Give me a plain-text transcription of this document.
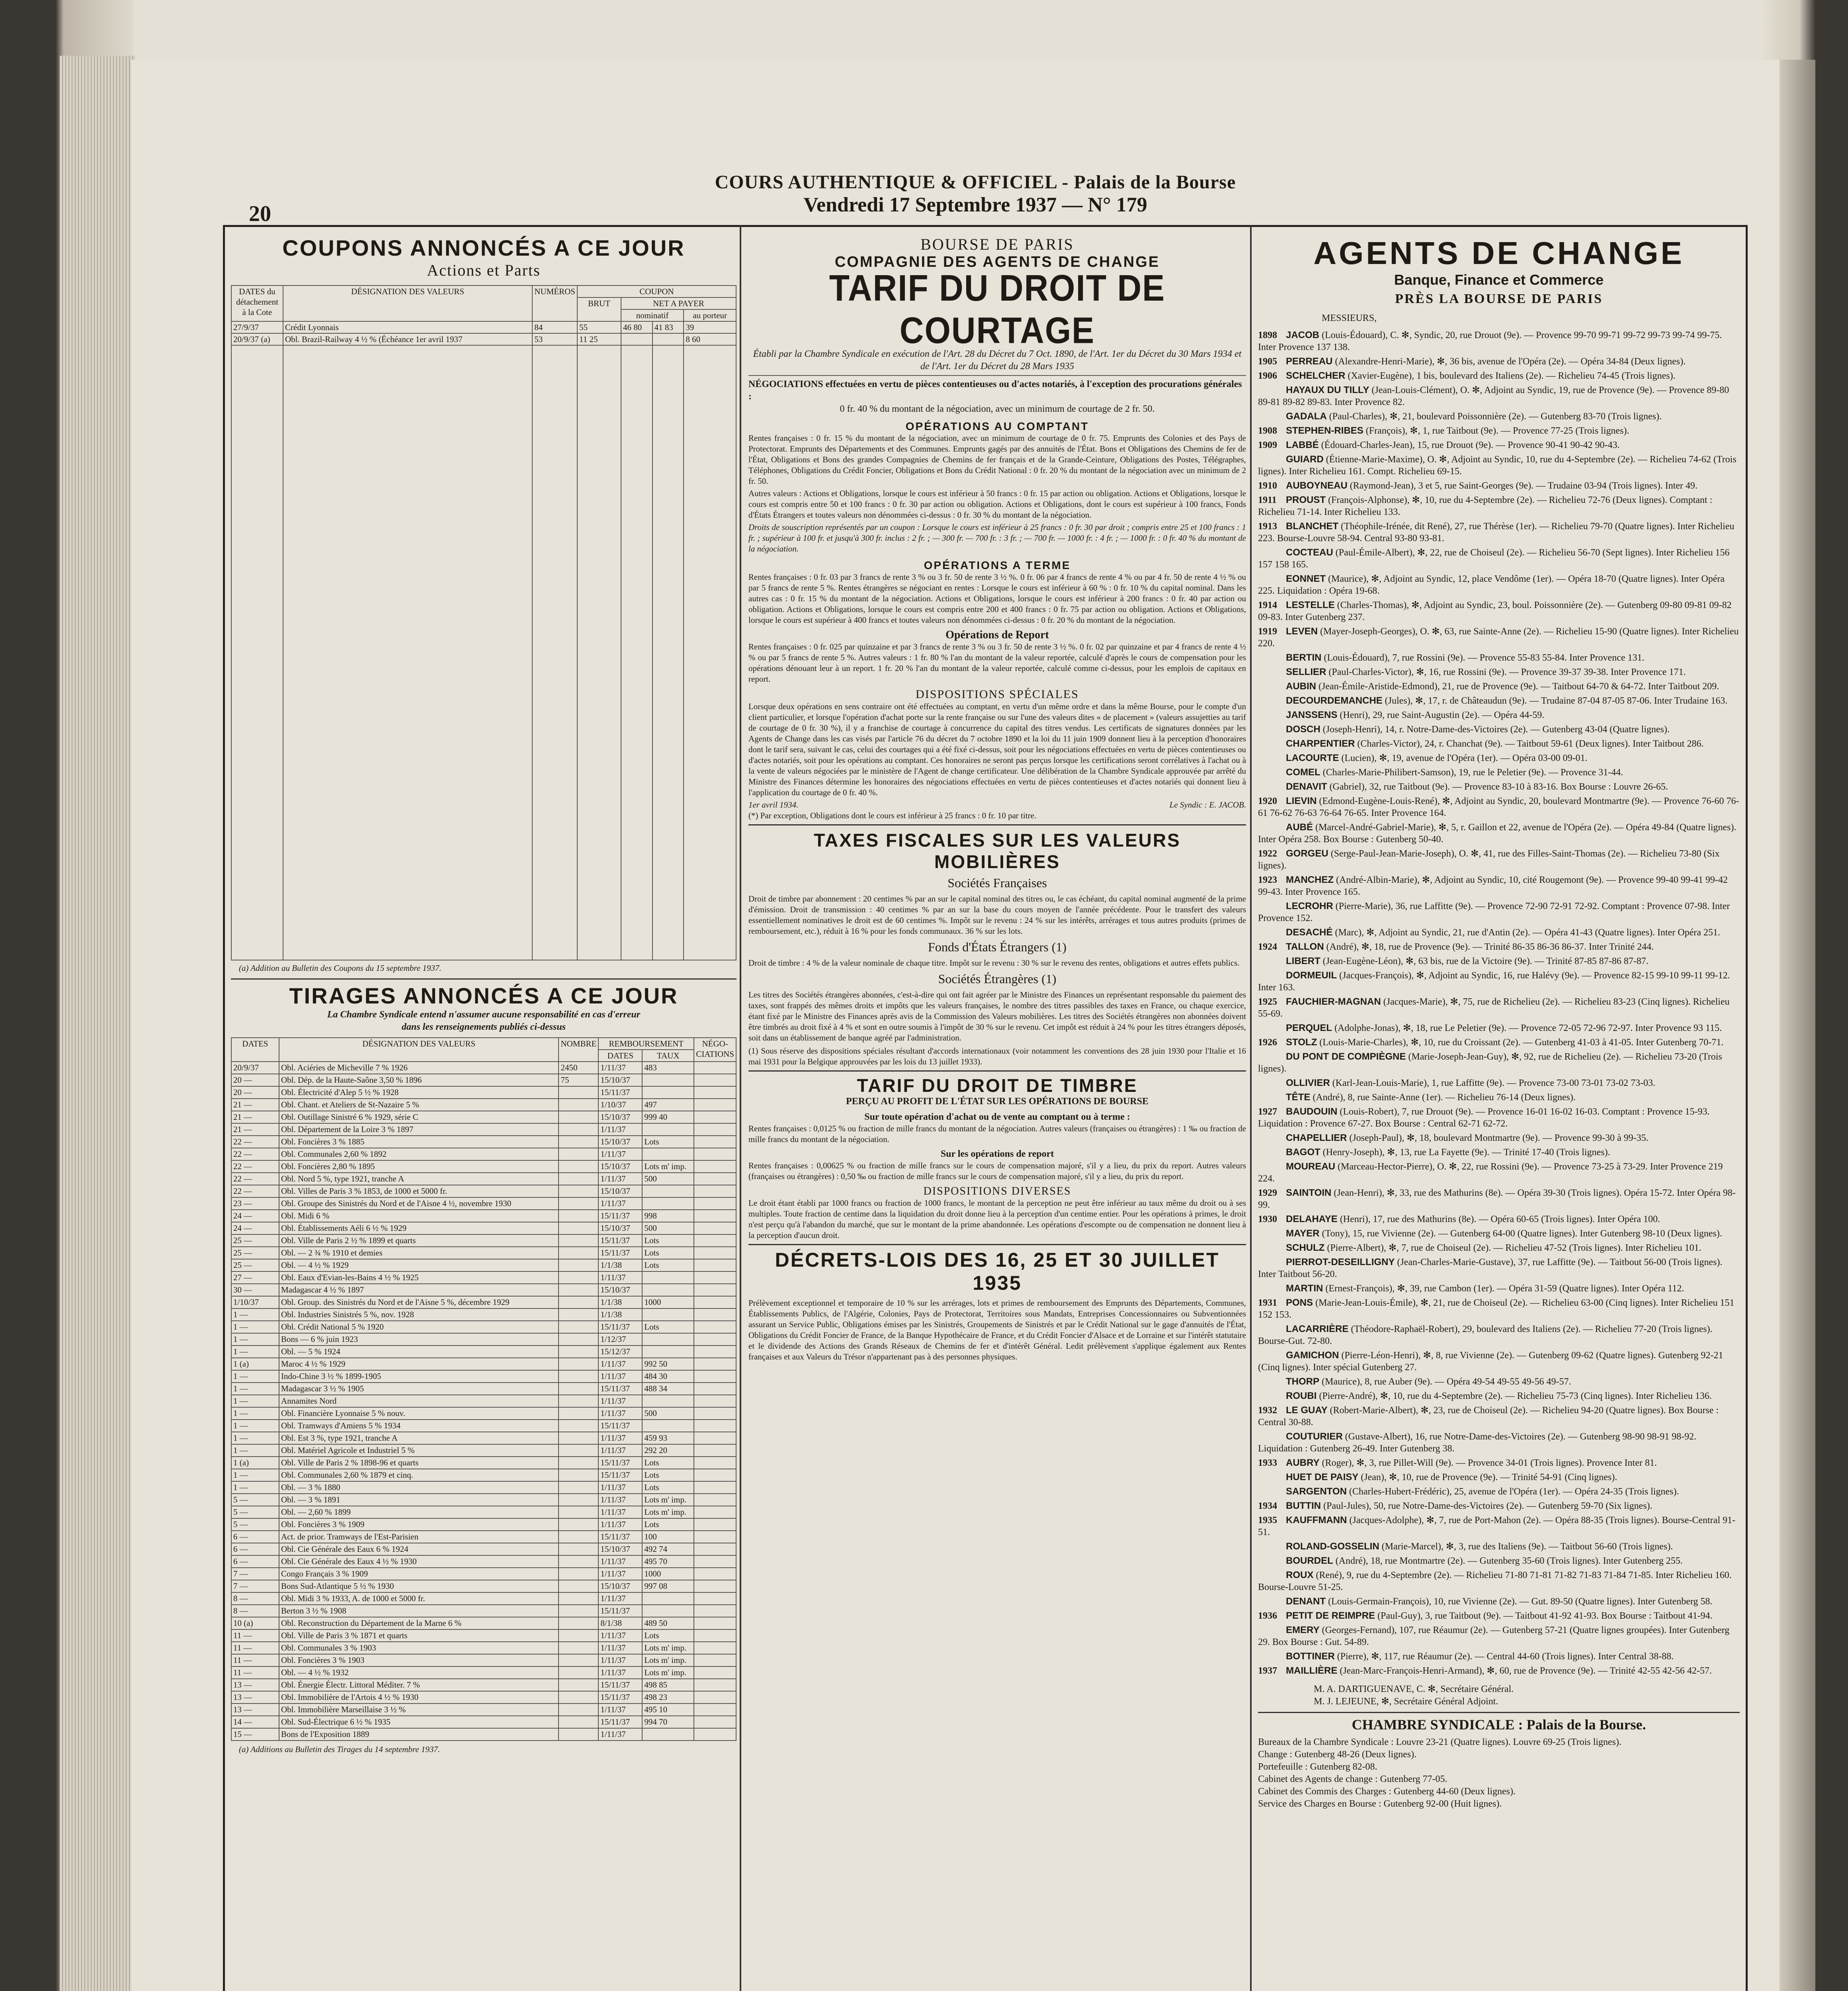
20
COURS AUTHENTIQUE & OFFICIEL - Palais de la Bourse
Vendredi 17 Septembre 1937 — N° 179
COUPONS ANNONCÉS A CE JOUR
Actions et Parts
DATES du détachement à la Cote	DÉSIGNATION DES VALEURS	NUMÉROS	COUPON			
			BRUT	NET A PAYER		
				nominatif		au porteur
27/9/37	Crédit Lyonnais	84	55	46 80	41 83	39
20/9/37 (a)	Obl. Brazil-Railway 4 ½ % (Échéance 1er avril 1937	53	11 25			8 60

(a) Addition au Bulletin des Coupons du 15 septembre 1937.
TIRAGES ANNONCÉS A CE JOUR
La Chambre Syndicale entend n'assumer aucune responsabilité en cas d'erreur
dans les renseignements publiés ci-dessus
DATES	DÉSIGNATION DES VALEURS	NOMBRE	REMBOURSEMENT		NÉGO-CIATIONS
			DATES	TAUX	
20/9/37	Obl. Aciéries de Micheville 7 % 1926	2450	1/11/37	483	
20 —	Obl. Dép. de la Haute-Saône 3,50 % 1896	75	15/10/37		
20 —	Obl. Électricité d'Alep 5 ½ % 1928		15/11/37		
21 —	Obl. Chant. et Ateliers de St-Nazaire 5 %		1/10/37	497	
21 —	Obl. Outillage Sinistré 6 % 1929, série C		15/10/37	999 40	
21 —	Obl. Département de la Loire 3 % 1897		1/11/37		
22 —	Obl. Foncières 3 % 1885		15/10/37	Lots	
22 —	Obl. Communales 2,60 % 1892		1/11/37		
22 —	Obl. Foncières 2,80 % 1895		15/10/37	Lots m' imp.	
22 —	Obl. Nord 5 %, type 1921, tranche A		1/11/37	500	
22 —	Obl. Villes de Paris 3 % 1853, de 1000 et 5000 fr.		15/10/37		
23 —	Obl. Groupe des Sinistrés du Nord et de l'Aisne 4 ½, novembre 1930		1/11/37		
24 —	Obl. Midi 6 %		15/11/37	998	
24 —	Obl. Établissements Aéli 6 ½ % 1929		15/10/37	500	
25 —	Obl. Ville de Paris 2 ½ % 1899 et quarts		15/11/37	Lots	
25 —	Obl. — 2 ¾ % 1910 et demies		15/11/37	Lots	
25 —	Obl. — 4 ½ % 1929		1/1/38	Lots	
27 —	Obl. Eaux d'Evian-les-Bains 4 ½ % 1925		1/11/37		
30 —	Madagascar 4 ½ % 1897		15/10/37		
1/10/37	Obl. Group. des Sinistrés du Nord et de l'Aisne 5 %, décembre 1929		1/1/38	1000	
1 —	Obl. Industries Sinistrés 5 %, nov. 1928		1/1/38		
1 —	Obl. Crédit National 5 % 1920		15/11/37	Lots	
1 —	Bons — 6 % juin 1923		1/12/37		
1 —	Obl. — 5 % 1924		15/12/37		
1 (a)	Maroc 4 ½ % 1929		1/11/37	992 50	
1 —	Indo-Chine 3 ½ % 1899-1905		1/11/37	484 30	
1 —	Madagascar 3 ½ % 1905		15/11/37	488 34	
1 —	Annamites Nord		1/11/37		
1 —	Obl. Financière Lyonnaise 5 % nouv.		1/11/37	500	
1 —	Obl. Tramways d'Amiens 5 % 1934		15/11/37		
1 —	Obl. Est 3 %, type 1921, tranche A		1/11/37	459 93	
1 —	Obl. Matériel Agricole et Industriel 5 %		1/11/37	292 20	
1 (a)	Obl. Ville de Paris 2 % 1898-96 et quarts		15/11/37	Lots	
1 —	Obl. Communales 2,60 % 1879 et cinq.		15/11/37	Lots	
1 —	Obl. — 3 % 1880		1/11/37	Lots	
5 —	Obl. — 3 % 1891		1/11/37	Lots m' imp.	
5 —	Obl. — 2,60 % 1899		1/11/37	Lots m' imp.	
5 —	Obl. Foncières 3 % 1909		1/11/37	Lots	
6 —	Act. de prior. Tramways de l'Est-Parisien		15/11/37	100	
6 —	Obl. Cie Générale des Eaux 6 % 1924		15/10/37	492 74	
6 —	Obl. Cie Générale des Eaux 4 ½ % 1930		1/11/37	495 70	
7 —	Congo Français 3 % 1909		1/11/37	1000	
7 —	Bons Sud-Atlantique 5 ½ % 1930		15/10/37	997 08	
8 —	Obl. Midi 3 % 1933, A. de 1000 et 5000 fr.		1/11/37		
8 —	Berton 3 ½ % 1908		15/11/37		
10 (a)	Obl. Reconstruction du Département de la Marne 6 %		8/1/38	489 50	
11 —	Obl. Ville de Paris 3 % 1871 et quarts		1/11/37	Lots	
11 —	Obl. Communales 3 % 1903		1/11/37	Lots m' imp.	
11 —	Obl. Foncières 3 % 1903		1/11/37	Lots m' imp.	
11 —	Obl. — 4 ½ % 1932		1/11/37	Lots m' imp.	
13 —	Obl. Énergie Électr. Littoral Méditer. 7 %		15/11/37	498 85	
13 —	Obl. Immobilière de l'Artois 4 ½ % 1930		15/11/37	498 23	
13 —	Obl. Immobilière Marseillaise 3 ½ %		1/11/37	495 10	
14 —	Obl. Sud-Électrique 6 ½ % 1935		15/11/37	994 70	
15 —	Bons de l'Exposition 1889		1/11/37		
(a) Additions au Bulletin des Tirages du 14 septembre 1937.
BOURSE DE PARIS
COMPAGNIE DES AGENTS DE CHANGE
TARIF DU DROIT DE COURTAGE
Établi par la Chambre Syndicale en exécution de l'Art. 28 du Décret du 7 Oct. 1890, de l'Art. 1er du Décret du 30 Mars 1934 et de l'Art. 1er du Décret du 28 Mars 1935
NÉGOCIATIONS effectuées en vertu de pièces contentieuses ou d'actes notariés, à l'exception des procurations générales :
0 fr. 40 % du montant de la négociation, avec un minimum de courtage de 2 fr. 50.
OPÉRATIONS AU COMPTANT
Rentes françaises : 0 fr. 15 % du montant de la négociation, avec un minimum de courtage de 0 fr. 75. Emprunts des Colonies et des Pays de Protectorat. Emprunts des Départements et des Communes. Emprunts gagés par des annuités de l'État. Bons et Obligations des Chemins de fer de l'État, Obligations et Bons des grandes Compagnies de Chemins de fer français et de la Grande-Ceinture, Obligations des Postes, Télégraphes, Téléphones, Obligations du Crédit Foncier, Obligations et Bons du Crédit National : 0 fr. 20 % du montant de la négociation avec un minimum de 2 fr. 50.
Autres valeurs : Actions et Obligations, lorsque le cours est inférieur à 50 francs : 0 fr. 15 par action ou obligation. Actions et Obligations, lorsque le cours est compris entre 50 et 100 francs : 0 fr. 30 par action ou obligation. Actions et Obligations, dont le cours est supérieur à 100 francs, Fonds d'États Étrangers et toutes valeurs non dénommées ci-dessus : 0 fr. 30 % du montant de la négociation.
Droits de souscription représentés par un coupon : Lorsque le cours est inférieur à 25 francs : 0 fr. 30 par droit ; compris entre 25 et 100 francs : 1 fr. ; supérieur à 100 fr. et jusqu'à 300 fr. inclus : 2 fr. ; — 300 fr. — 700 fr. : 3 fr. ; — 700 fr. — 1000 fr. : 4 fr. ; — 1000 fr. : 0 fr. 40 % du montant de la négociation.
OPÉRATIONS A TERME
Rentes françaises : 0 fr. 03 par 3 francs de rente 3 % ou 3 fr. 50 de rente 3 ½ %. 0 fr. 06 par 4 francs de rente 4 % ou par 4 fr. 50 de rente 4 ½ % ou par 5 francs de rente 5 %. Rentes étrangères se négociant en rentes : Lorsque le cours est inférieur à 60 % : 0 fr. 10 % du capital nominal. Dans les autres cas : 0 fr. 15 % du montant de la négociation. Actions et Obligations, lorsque le cours est inférieur à 200 francs : 0 fr. 40 par action ou obligation. Actions et Obligations, lorsque le cours est compris entre 200 et 400 francs : 0 fr. 75 par action ou obligation. Actions et Obligations, lorsque le cours est supérieur à 400 francs et toutes valeurs non dénommées ci-dessus : 0 fr. 20 % du montant de la négociation.
Opérations de Report
Rentes françaises : 0 fr. 025 par quinzaine et par 3 francs de rente 3 % ou 3 fr. 50 de rente 3 ½ %. 0 fr. 02 par quinzaine et par 4 francs de rente 4 ½ % ou par 5 francs de rente 5 %. Autres valeurs : 1 fr. 80 % l'an du montant de la valeur reportée, calculé d'après le cours de compensation pour les opérations dénouant leur à un report. 1 fr. 20 % l'an du montant de la valeur reportée, calculé comme ci-dessus, pour les emplois de capitaux en report.
DISPOSITIONS SPÉCIALES
Lorsque deux opérations en sens contraire ont été effectuées au comptant, en vertu d'un même ordre et dans la même Bourse, pour le compte d'un client particulier, et lorsque l'opération d'achat porte sur la rente française ou sur l'une des valeurs dites « de placement » (valeurs assujetties au tarif de courtage de 0 fr. 30 %), il y a franchise de courtage à concurrence du capital des titres vendus. Les certificats de signatures données par les Agents de Change dans les cas visés par l'article 76 du décret du 7 octobre 1890 et la loi du 11 juin 1909 donnent lieu à la perception d'honoraires dont le tarif sera, suivant le cas, celui des courtages qui a été fixé ci-dessus, soit pour les négociations effectuées en vertu de pièces contentieuses ou d'actes notariés, soit pour les opérations au comptant. Ces honoraires ne seront pas perçus lorsque les certifications seront corrélatives à l'achat ou à la vente de valeurs négociées par le ministère de l'Agent de change certificateur. Une délibération de la Chambre Syndicale approuvée par arrêté du Ministre des Finances détermine les honoraires des négociations effectuées en vertu de pièces contentieuses et d'actes notariés qui donnent lieu à l'application du courtage de 0 fr. 40 %.
1er avril 1934.	Le Syndic : E. JACOB.
(*) Par exception, Obligations dont le cours est inférieur à 25 francs : 0 fr. 10 par titre.
TAXES FISCALES SUR LES VALEURS MOBILIÈRES
Sociétés Françaises
Droit de timbre par abonnement : 20 centimes % par an sur le capital nominal des titres ou, le cas échéant, du capital nominal augmenté de la prime d'émission. Droit de transmission : 40 centimes % par an sur la base du cours moyen de l'année précédente. Pour le transfert des valeurs essentiellement nominatives le droit est de 60 centimes %. Impôt sur le revenu : 24 % sur les intérêts, arrérages et tous autres produits (primes de remboursement, etc.), réduit à 16 % pour les fonds communaux. 36 % sur les lots.
Fonds d'États Étrangers (1)
Droit de timbre : 4 % de la valeur nominale de chaque titre. Impôt sur le revenu : 30 % sur le revenu des rentes, obligations et autres effets publics.
Sociétés Étrangères (1)
Les titres des Sociétés étrangères abonnées, c'est-à-dire qui ont fait agréer par le Ministre des Finances un représentant responsable du paiement des taxes, sont frappés des mêmes droits et impôts que les valeurs françaises, le nombre des titres passibles des taxes en France, ou chaque exercice, étant fixé par le Ministre des Finances après avis de la Commission des Valeurs mobilières. Les titres des Sociétés étrangères non abonnées doivent être timbrés au droit fixé à 4 % et sont en outre soumis à l'impôt de 30 % sur le revenu. Cet impôt est réduit à 24 % pour les titres étrangers déposés, soit dans un établissement de banque agréé par l'administration.
(1) Sous réserve des dispositions spéciales résultant d'accords internationaux (voir notamment les conventions des 28 juin 1930 pour l'Italie et 16 mai 1931 pour la Belgique approuvées par les lois du 13 juillet 1933).
TARIF DU DROIT DE TIMBRE
PERÇU AU PROFIT DE L'ÉTAT SUR LES OPÉRATIONS DE BOURSE
Sur toute opération d'achat ou de vente au comptant ou à terme :
Rentes françaises : 0,0125 % ou fraction de mille francs du montant de la négociation. Autres valeurs (françaises ou étrangères) : 1 ‰ ou fraction de mille francs du montant de la négociation.
Sur les opérations de report
Rentes françaises : 0,00625 % ou fraction de mille francs sur le cours de compensation majoré, s'il y a lieu, du prix du report. Autres valeurs (françaises ou étrangères) : 0,50 ‰ ou fraction de mille francs sur le cours de compensation majoré, s'il y a lieu, du prix du report.
DISPOSITIONS DIVERSES
Le droit étant établi par 1000 francs ou fraction de 1000 francs, le montant de la perception ne peut être inférieur au taux même du droit ou à ses multiples. Toute fraction de centime dans la liquidation du droit donne lieu à la perception d'un centime entier. Pour les opérations à primes, le droit n'est perçu qu'à l'abandon du marché, que sur le montant de la prime abandonnée. Les opérations d'escompte ou de compensation ne donnent lieu à la perception d'aucun droit.
DÉCRETS-LOIS DES 16, 25 ET 30 JUILLET 1935
Prélèvement exceptionnel et temporaire de 10 % sur les arrérages, lots et primes de remboursement des Emprunts des Départements, Communes, Établissements Publics, de l'Algérie, Colonies, Pays de Protectorat, Territoires sous Mandats, Entreprises Concessionnaires ou Subventionnées assurant un Service Public, Obligations émises par les Sinistrés, Groupements de Sinistrés et par le Crédit National sur le gage d'annuités de l'État, Obligations du Crédit Foncier de France, de la Banque Hypothécaire de France, et du Crédit Foncier d'Alsace et de Lorraine et sur l'intérêt statutaire et le dividende des Actions des Grands Réseaux de Chemins de fer et d'intérêt Général. Ledit prélèvement s'applique également aux Rentes françaises et aux Valeurs du Trésor n'appartenant pas à des personnes physiques.
AGENTS DE CHANGE
Banque, Finance et Commerce
PRÈS LA BOURSE DE PARIS
MESSIEURS,
1898 JACOB (Louis-Édouard), C. ✻, Syndic, 20, rue Drouot (9e). — Provence 99-70 99-71 99-72 99-73 99-74 99-75. Inter Provence 137 138.
1905 PERREAU (Alexandre-Henri-Marie), ✻, 36 bis, avenue de l'Opéra (2e). — Opéra 34-84 (Deux lignes).
1906 SCHELCHER (Xavier-Eugène), 1 bis, boulevard des Italiens (2e). — Richelieu 74-45 (Trois lignes).
HAYAUX DU TILLY (Jean-Louis-Clément), O. ✻, Adjoint au Syndic, 19, rue de Provence (9e). — Provence 89-80 89-81 89-82 89-83. Inter Provence 82.
GADALA (Paul-Charles), ✻, 21, boulevard Poissonnière (2e). — Gutenberg 83-70 (Trois lignes).
1908 STEPHEN-RIBES (François), ✻, 1, rue Taitbout (9e). — Provence 77-25 (Trois lignes).
1909 LABBÉ (Édouard-Charles-Jean), 15, rue Drouot (9e). — Provence 90-41 90-42 90-43.
GUIARD (Étienne-Marie-Maxime), O. ✻, Adjoint au Syndic, 10, rue du 4-Septembre (2e). — Richelieu 74-62 (Trois lignes). Inter Richelieu 161. Compt. Richelieu 69-15.
1910 AUBOYNEAU (Raymond-Jean), 3 et 5, rue Saint-Georges (9e). — Trudaine 03-94 (Trois lignes). Inter 49.
1911 PROUST (François-Alphonse), ✻, 10, rue du 4-Septembre (2e). — Richelieu 72-76 (Deux lignes). Comptant : Richelieu 71-14. Inter Richelieu 133.
1913 BLANCHET (Théophile-Irénée, dit René), 27, rue Thérèse (1er). — Richelieu 79-70 (Quatre lignes). Inter Richelieu 223. Bourse-Louvre 58-94. Central 93-80 93-81.
COCTEAU (Paul-Émile-Albert), ✻, 22, rue de Choiseul (2e). — Richelieu 56-70 (Sept lignes). Inter Richelieu 156 157 158 165.
EONNET (Maurice), ✻, Adjoint au Syndic, 12, place Vendôme (1er). — Opéra 18-70 (Quatre lignes). Inter Opéra 225. Liquidation : Opéra 19-68.
1914 LESTELLE (Charles-Thomas), ✻, Adjoint au Syndic, 23, boul. Poissonnière (2e). — Gutenberg 09-80 09-81 09-82 09-83. Inter Gutenberg 237.
1919 LEVEN (Mayer-Joseph-Georges), O. ✻, 63, rue Sainte-Anne (2e). — Richelieu 15-90 (Quatre lignes). Inter Richelieu 220.
BERTIN (Louis-Édouard), 7, rue Rossini (9e). — Provence 55-83 55-84. Inter Provence 131.
SELLIER (Paul-Charles-Victor), ✻, 16, rue Rossini (9e). — Provence 39-37 39-38. Inter Provence 171.
AUBIN (Jean-Émile-Aristide-Edmond), 21, rue de Provence (9e). — Taitbout 64-70 & 64-72. Inter Taitbout 209.
DECOURDEMANCHE (Jules), ✻, 17, r. de Châteaudun (9e). — Trudaine 87-04 87-05 87-06. Inter Trudaine 163.
JANSSENS (Henri), 29, rue Saint-Augustin (2e). — Opéra 44-59.
DOSCH (Joseph-Henri), 14, r. Notre-Dame-des-Victoires (2e). — Gutenberg 43-04 (Quatre lignes).
CHARPENTIER (Charles-Victor), 24, r. Chanchat (9e). — Taitbout 59-61 (Deux lignes). Inter Taitbout 286.
LACOURTE (Lucien), ✻, 19, avenue de l'Opéra (1er). — Opéra 03-00 09-01.
COMEL (Charles-Marie-Philibert-Samson), 19, rue le Peletier (9e). — Provence 31-44.
DENAVIT (Gabriel), 32, rue Taitbout (9e). — Provence 83-10 à 83-16. Box Bourse : Louvre 26-65.
1920 LIEVIN (Edmond-Eugène-Louis-René), ✻, Adjoint au Syndic, 20, boulevard Montmartre (9e). — Provence 76-60 76-61 76-62 76-63 76-64 76-65. Inter Provence 164.
AUBÉ (Marcel-André-Gabriel-Marie), ✻, 5, r. Gaillon et 22, avenue de l'Opéra (2e). — Opéra 49-84 (Quatre lignes). Inter Opéra 258. Box Bourse : Gutenberg 50-40.
1922 GORGEU (Serge-Paul-Jean-Marie-Joseph), O. ✻, 41, rue des Filles-Saint-Thomas (2e). — Richelieu 73-80 (Six lignes).
1923 MANCHEZ (André-Albin-Marie), ✻, Adjoint au Syndic, 10, cité Rougemont (9e). — Provence 99-40 99-41 99-42 99-43. Inter Provence 165.
LECROHR (Pierre-Marie), 36, rue Laffitte (9e). — Provence 72-90 72-91 72-92. Comptant : Provence 07-98. Inter Provence 152.
DESACHÉ (Marc), ✻, Adjoint au Syndic, 21, rue d'Antin (2e). — Opéra 41-43 (Quatre lignes). Inter Opéra 251.
1924 TALLON (André), ✻, 18, rue de Provence (9e). — Trinité 86-35 86-36 86-37. Inter Trinité 244.
LIBERT (Jean-Eugène-Léon), ✻, 63 bis, rue de la Victoire (9e). — Trinité 87-85 87-86 87-87.
DORMEUIL (Jacques-François), ✻, Adjoint au Syndic, 16, rue Halévy (9e). — Provence 82-15 99-10 99-11 99-12. Inter 163.
1925 FAUCHIER-MAGNAN (Jacques-Marie), ✻, 75, rue de Richelieu (2e). — Richelieu 83-23 (Cinq lignes). Richelieu 55-69.
PERQUEL (Adolphe-Jonas), ✻, 18, rue Le Peletier (9e). — Provence 72-05 72-96 72-97. Inter Provence 93 115.
1926 STOLZ (Louis-Marie-Charles), ✻, 10, rue du Croissant (2e). — Gutenberg 41-03 à 41-05. Inter Gutenberg 70-71.
DU PONT DE COMPIÈGNE (Marie-Joseph-Jean-Guy), ✻, 92, rue de Richelieu (2e). — Richelieu 73-20 (Trois lignes).
OLLIVIER (Karl-Jean-Louis-Marie), 1, rue Laffitte (9e). — Provence 73-00 73-01 73-02 73-03.
TÊTE (André), 8, rue Sainte-Anne (1er). — Richelieu 76-14 (Deux lignes).
1927 BAUDOUIN (Louis-Robert), 7, rue Drouot (9e). — Provence 16-01 16-02 16-03. Comptant : Provence 15-93. Liquidation : Provence 67-27. Box Bourse : Central 62-71 62-72.
CHAPELLIER (Joseph-Paul), ✻, 18, boulevard Montmartre (9e). — Provence 99-30 à 99-35.
BAGOT (Henry-Joseph), ✻, 13, rue La Fayette (9e). — Trinité 17-40 (Trois lignes).
MOUREAU (Marceau-Hector-Pierre), O. ✻, 22, rue Rossini (9e). — Provence 73-25 à 73-29. Inter Provence 219 224.
1929 SAINTOIN (Jean-Henri), ✻, 33, rue des Mathurins (8e). — Opéra 39-30 (Trois lignes). Opéra 15-72. Inter Opéra 98-99.
1930 DELAHAYE (Henri), 17, rue des Mathurins (8e). — Opéra 60-65 (Trois lignes). Inter Opéra 100.
MAYER (Tony), 15, rue Vivienne (2e). — Gutenberg 64-00 (Quatre lignes). Inter Gutenberg 98-10 (Deux lignes).
SCHULZ (Pierre-Albert), ✻, 7, rue de Choiseul (2e). — Richelieu 47-52 (Trois lignes). Inter Richelieu 101.
PIERROT-DESEILLIGNY (Jean-Charles-Marie-Gustave), 37, rue Laffitte (9e). — Taitbout 56-00 (Trois lignes). Inter Taitbout 56-20.
MARTIN (Ernest-François), ✻, 39, rue Cambon (1er). — Opéra 31-59 (Quatre lignes). Inter Opéra 112.
1931 PONS (Marie-Jean-Louis-Émile), ✻, 21, rue de Choiseul (2e). — Richelieu 63-00 (Cinq lignes). Inter Richelieu 151 152 153.
LACARRIÈRE (Théodore-Raphaël-Robert), 29, boulevard des Italiens (2e). — Richelieu 77-20 (Trois lignes). Bourse-Gut. 72-80.
GAMICHON (Pierre-Léon-Henri), ✻, 8, rue Vivienne (2e). — Gutenberg 09-62 (Quatre lignes). Gutenberg 92-21 (Cinq lignes). Inter spécial Gutenberg 27.
THORP (Maurice), 8, rue Auber (9e). — Opéra 49-54 49-55 49-56 49-57.
ROUBI (Pierre-André), ✻, 10, rue du 4-Septembre (2e). — Richelieu 75-73 (Cinq lignes). Inter Richelieu 136.
1932 LE GUAY (Robert-Marie-Albert), ✻, 23, rue de Choiseul (2e). — Richelieu 94-20 (Quatre lignes). Box Bourse : Central 30-88.
COUTURIER (Gustave-Albert), 16, rue Notre-Dame-des-Victoires (2e). — Gutenberg 98-90 98-91 98-92. Liquidation : Gutenberg 26-49. Inter Gutenberg 38.
1933 AUBRY (Roger), ✻, 3, rue Pillet-Will (9e). — Provence 34-01 (Trois lignes). Provence Inter 81.
HUET DE PAISY (Jean), ✻, 10, rue de Provence (9e). — Trinité 54-91 (Cinq lignes).
SARGENTON (Charles-Hubert-Frédéric), 25, avenue de l'Opéra (1er). — Opéra 24-35 (Trois lignes).
1934 BUTTIN (Paul-Jules), 50, rue Notre-Dame-des-Victoires (2e). — Gutenberg 59-70 (Six lignes).
1935 KAUFFMANN (Jacques-Adolphe), ✻, 7, rue de Port-Mahon (2e). — Opéra 88-35 (Trois lignes). Bourse-Central 91-51.
ROLAND-GOSSELIN (Marie-Marcel), ✻, 3, rue des Italiens (9e). — Taitbout 56-60 (Trois lignes).
BOURDEL (André), 18, rue Montmartre (2e). — Gutenberg 35-60 (Trois lignes). Inter Gutenberg 255.
ROUX (René), 9, rue du 4-Septembre (2e). — Richelieu 71-80 71-81 71-82 71-83 71-84 71-85. Inter Richelieu 160. Bourse-Louvre 51-25.
DENANT (Louis-Germain-François), 10, rue Vivienne (2e). — Gut. 89-50 (Quatre lignes). Inter Gutenberg 58.
1936 PETIT DE REIMPRE (Paul-Guy), 3, rue Taitbout (9e). — Taitbout 41-92 41-93. Box Bourse : Taitbout 41-94.
EMERY (Georges-Fernand), 107, rue Réaumur (2e). — Gutenberg 57-21 (Quatre lignes groupées). Inter Gutenberg 29. Box Bourse : Gut. 54-89.
BOTTINER (Pierre), ✻, 117, rue Réaumur (2e). — Central 44-60 (Trois lignes). Inter Central 38-88.
1937 MAILLIÈRE (Jean-Marc-François-Henri-Armand), ✻, 60, rue de Provence (9e). — Trinité 42-55 42-56 42-57.
M. A. DARTIGUENAVE, C. ✻, Secrétaire Général.
M. J. LEJEUNE, ✻, Secrétaire Général Adjoint.
CHAMBRE SYNDICALE : Palais de la Bourse.
Bureaux de la Chambre Syndicale : Louvre 23-21 (Quatre lignes). Louvre 69-25 (Trois lignes).
Change : Gutenberg 48-26 (Deux lignes).
Portefeuille : Gutenberg 82-08.
Cabinet des Agents de change : Gutenberg 77-05.
Cabinet des Commis des Charges : Gutenberg 44-60 (Deux lignes).
Service des Charges en Bourse : Gutenberg 92-00 (Huit lignes).
